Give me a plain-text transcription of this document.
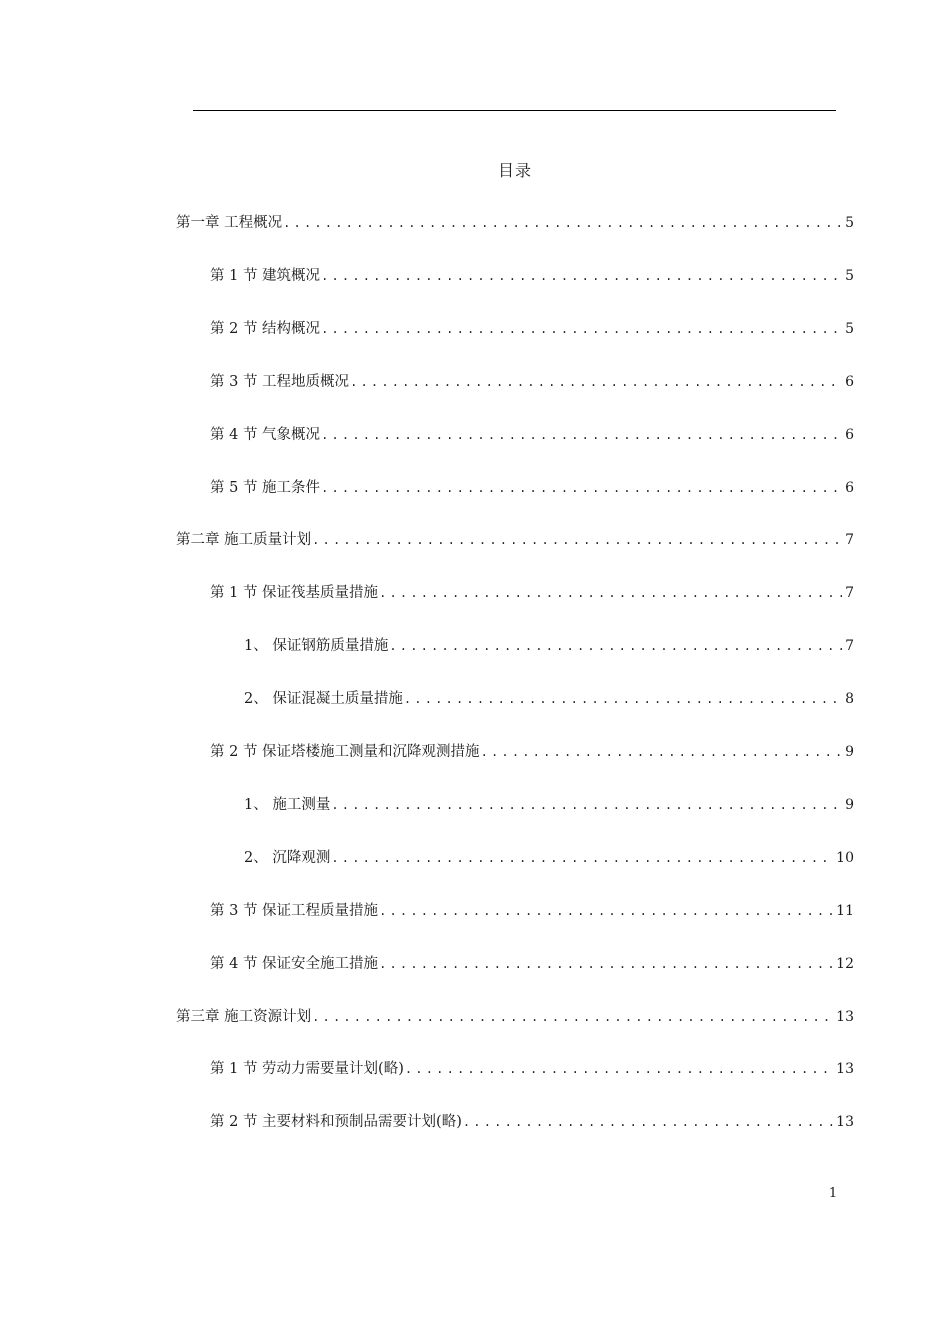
目录
第一章 工程概况 .....	5
第 1 节 建筑概况 .....	5
第 2 节 结构概况 .....	5
第 3 节 工程地质概况 .....	6
第 4 节 气象概况 .....	6
第 5 节 施工条件 .....	6
第二章 施工质量计划 .....	7
第 1 节 保证筏基质量措施 .....	7
1、 保证钢筋质量措施 .....	7
2、 保证混凝土质量措施 .....	8
第 2 节 保证塔楼施工测量和沉降观测措施 .....	9
1、 施工测量 .....	9
2、 沉降观测 .....	10
第 3 节 保证工程质量措施 .....	11
第 4 节 保证安全施工措施 .....	12
第三章 施工资源计划 .....	13
第 1 节 劳动力需要量计划(略) .....	13
第 2 节 主要材料和预制品需要计划(略) .....	13
1
